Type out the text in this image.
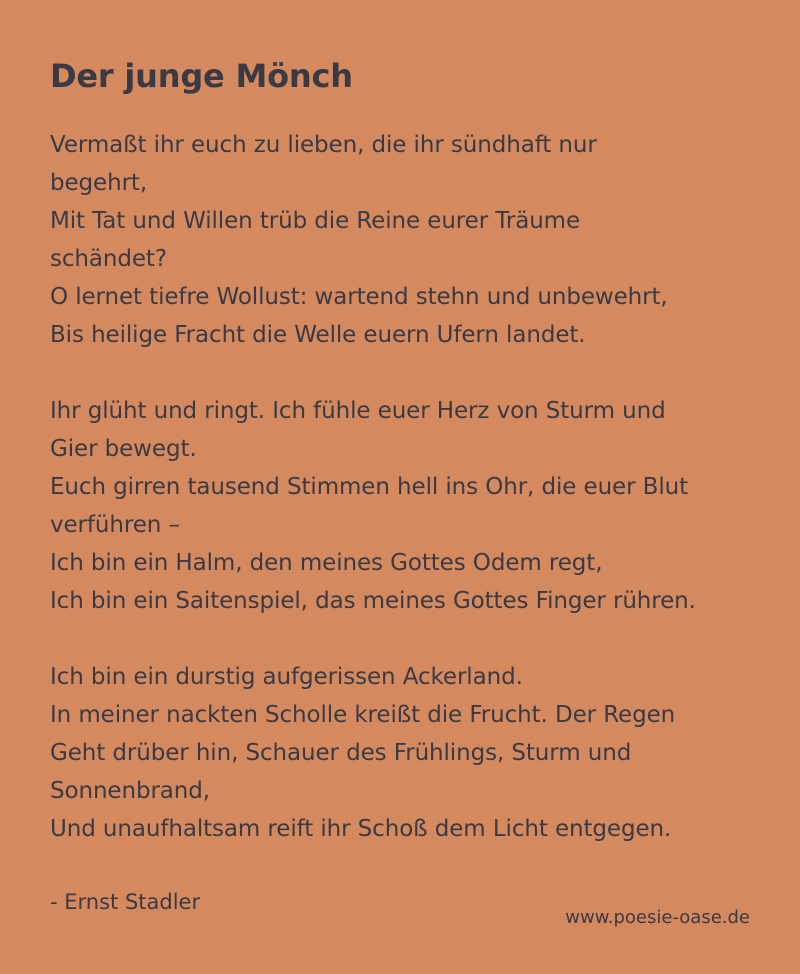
Der junge Mönch
Vermaßt ihr euch zu lieben, die ihr sündhaft nur
begehrt,
Mit Tat und Willen trüb die Reine eurer Träume
schändet?
O lernet tiefre Wollust: wartend stehn und unbewehrt,
Bis heilige Fracht die Welle euern Ufern landet.
Ihr glüht und ringt. Ich fühle euer Herz von Sturm und
Gier bewegt.
Euch girren tausend Stimmen hell ins Ohr, die euer Blut
verführen –
Ich bin ein Halm, den meines Gottes Odem regt,
Ich bin ein Saitenspiel, das meines Gottes Finger rühren.
Ich bin ein durstig aufgerissen Ackerland.
In meiner nackten Scholle kreißt die Frucht. Der Regen
Geht drüber hin, Schauer des Frühlings, Sturm und
Sonnenbrand,
Und unaufhaltsam reift ihr Schoß dem Licht entgegen.
- Ernst Stadler
www.poesie-oase.de
